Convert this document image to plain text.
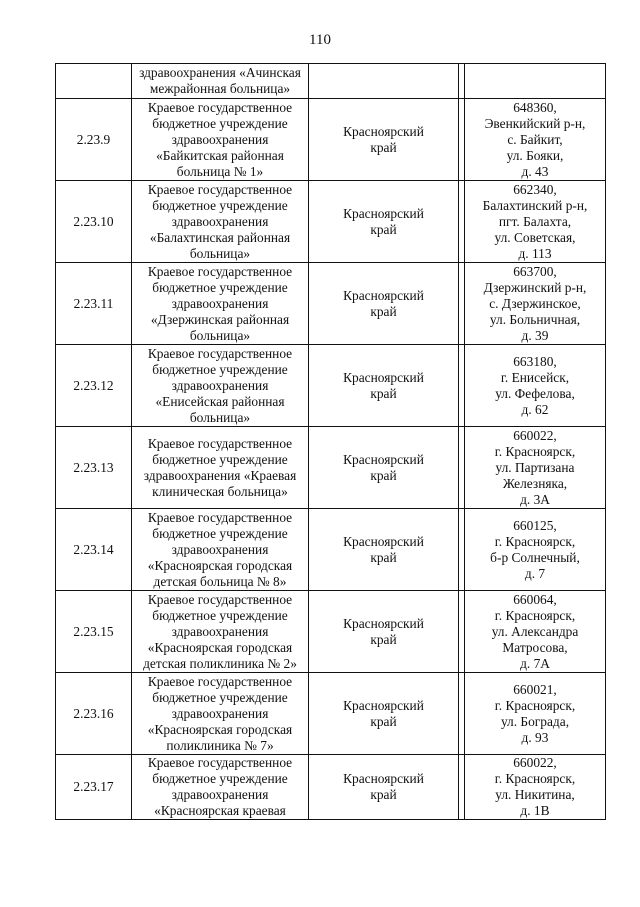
110

	здравоохранения «Ачинская
межрайонная больница»			

2.23.9	Краевое государственное
бюджетное учреждение
здравоохранения
«Байкитская районная
больница № 1»	Красноярский
край		648360,
Эвенкийский р-н,
с. Байкит,
ул. Бояки,
д. 43

2.23.10	Краевое государственное
бюджетное учреждение
здравоохранения
«Балахтинская районная
больница»	Красноярский
край		662340,
Балахтинский р-н,
пгт. Балахта,
ул. Советская,
д. 113

2.23.11	Краевое государственное
бюджетное учреждение
здравоохранения
«Дзержинская районная
больница»	Красноярский
край		663700,
Дзержинский р-н,
с. Дзержинское,
ул. Больничная,
д. 39

2.23.12	Краевое государственное
бюджетное учреждение
здравоохранения
«Енисейская районная
больница»	Красноярский
край		663180,
г. Енисейск,
ул. Фефелова,
д. 62

2.23.13	Краевое государственное
бюджетное учреждение
здравоохранения «Краевая
клиническая больница»	Красноярский
край		660022,
г. Красноярск,
ул. Партизана
Железняка,
д. 3А

2.23.14	Краевое государственное
бюджетное учреждение
здравоохранения
«Красноярская городская
детская больница № 8»	Красноярский
край		660125,
г. Красноярск,
б-р Солнечный,
д. 7

2.23.15	Краевое государственное
бюджетное учреждение
здравоохранения
«Красноярская городская
детская поликлиника № 2»	Красноярский
край		660064,
г. Красноярск,
ул. Александра
Матросова,
д. 7А

2.23.16	Краевое государственное
бюджетное учреждение
здравоохранения
«Красноярская городская
поликлиника № 7»	Красноярский
край		660021,
г. Красноярск,
ул. Бограда,
д. 93

2.23.17	Краевое государственное
бюджетное учреждение
здравоохранения
«Красноярская краевая	Красноярский
край		660022,
г. Красноярск,
ул. Никитина,
д. 1В
